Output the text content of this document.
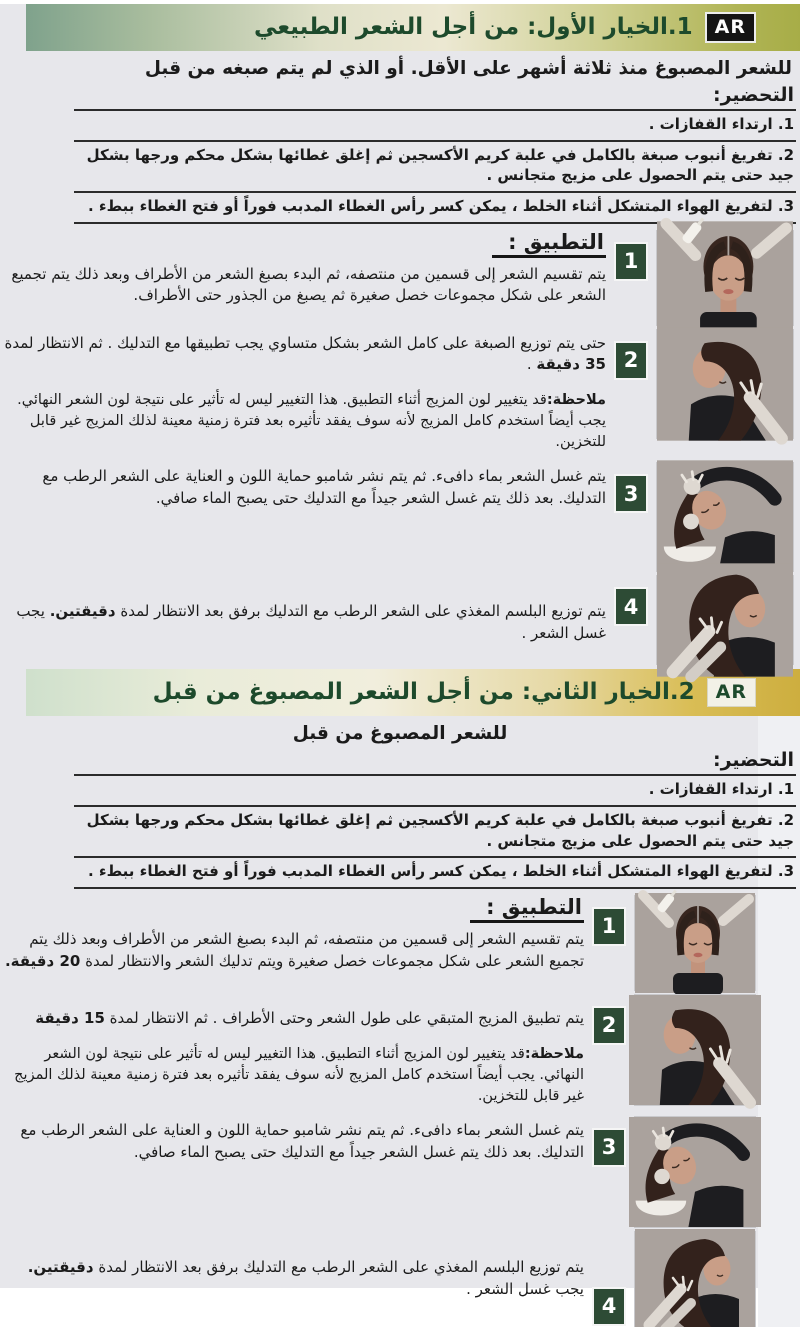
AR
1.الخيار الأول: من أجل الشعر الطبيعي

للشعر المصبوغ منذ ثلاثة أشهر على الأقل. أو الذي لم يتم صبغه من قبل

التحضير:
1. ارتداء القفازات .
2. تفريغ أنبوب صبغة بالكامل في علبة كريم الأكسجين ثم إغلق غطائها بشكل محكم ورجها بشكل جيد حتى يتم الحصول على مزيج متجانس .
3. لتفريغ الهواء المتشكل أثناء الخلط ، يمكن كسر رأس الغطاء المدبب فوراً أو فتح الغطاء ببطء .
1
التطبيق :

يتم تقسيم الشعر إلى قسمين من منتصفه، ثم البدء بصبغ الشعر من الأطراف وبعد ذلك يتم تجميع الشعر على شكل مجموعات خصل صغيرة ثم يصبغ من الجذور حتى الأطراف.

2

حتى يتم توزيع الصبغة على كامل الشعر بشكل متساوي يجب تطبيقها مع التدليك . ثم الانتظار لمدة 35 دقيقة .

ملاحظة:قد يتغيير لون المزيج أثناء التطبيق. هذا التغيير ليس له تأثير على نتيجة لون الشعر النهائي. يجب أيضاً استخدم كامل المزيج لأنه سوف يفقد تأثيره بعد فترة زمنية معينة لذلك المزيج غير قابل للتخزين.

3

يتم غسل الشعر بماء دافىء. ثم يتم نشر شامبو حماية اللون و العناية على الشعر الرطب مع التدليك. بعد ذلك يتم غسل الشعر جيداً مع التدليك حتى يصبح الماء صافي.

4

يتم توزيع البلسم المغذي على الشعر الرطب مع التدليك برفق بعد الانتظار لمدة دقيقتين. يجب غسل الشعر .

AR
2.الخيار الثاني: من أجل الشعر المصبوغ من قبل

للشعر المصبوغ من قبل

التحضير:
1. ارتداء القفازات .
2. تفريغ أنبوب صبغة بالكامل في علبة كريم الأكسجين ثم إغلق غطائها بشكل محكم ورجها بشكل جيد حتى يتم الحصول على مزيج متجانس .
3. لتفريغ الهواء المتشكل أثناء الخلط ، يمكن كسر رأس الغطاء المدبب فوراً أو فتح الغطاء ببطء .
1
التطبيق :

يتم تقسيم الشعر إلى قسمين من منتصفه، ثم البدء بصبغ الشعر من الأطراف وبعد ذلك يتم تجميع الشعر على شكل مجموعات خصل صغيرة ويتم تدليك الشعر والانتظار لمدة 20 دقيقة.

2

يتم تطبيق المزيج المتبقي على طول الشعر وحتى الأطراف . ثم الانتظار لمدة 15 دقيقة

ملاحظة:قد يتغيير لون المزيج أثناء التطبيق. هذا التغيير ليس له تأثير على نتيجة لون الشعر النهائي. يجب أيضاً استخدم كامل المزيج لأنه سوف يفقد تأثيره بعد فترة زمنية معينة لذلك المزيج غير قابل للتخزين.

3

يتم غسل الشعر بماء دافىء. ثم يتم نشر شامبو حماية اللون و العناية على الشعر الرطب مع التدليك. بعد ذلك يتم غسل الشعر جيداً مع التدليك حتى يصبح الماء صافي.

4

يتم توزيع البلسم المغذي على الشعر الرطب مع التدليك برفق بعد الانتظار لمدة دقيقتين. يجب غسل الشعر .
